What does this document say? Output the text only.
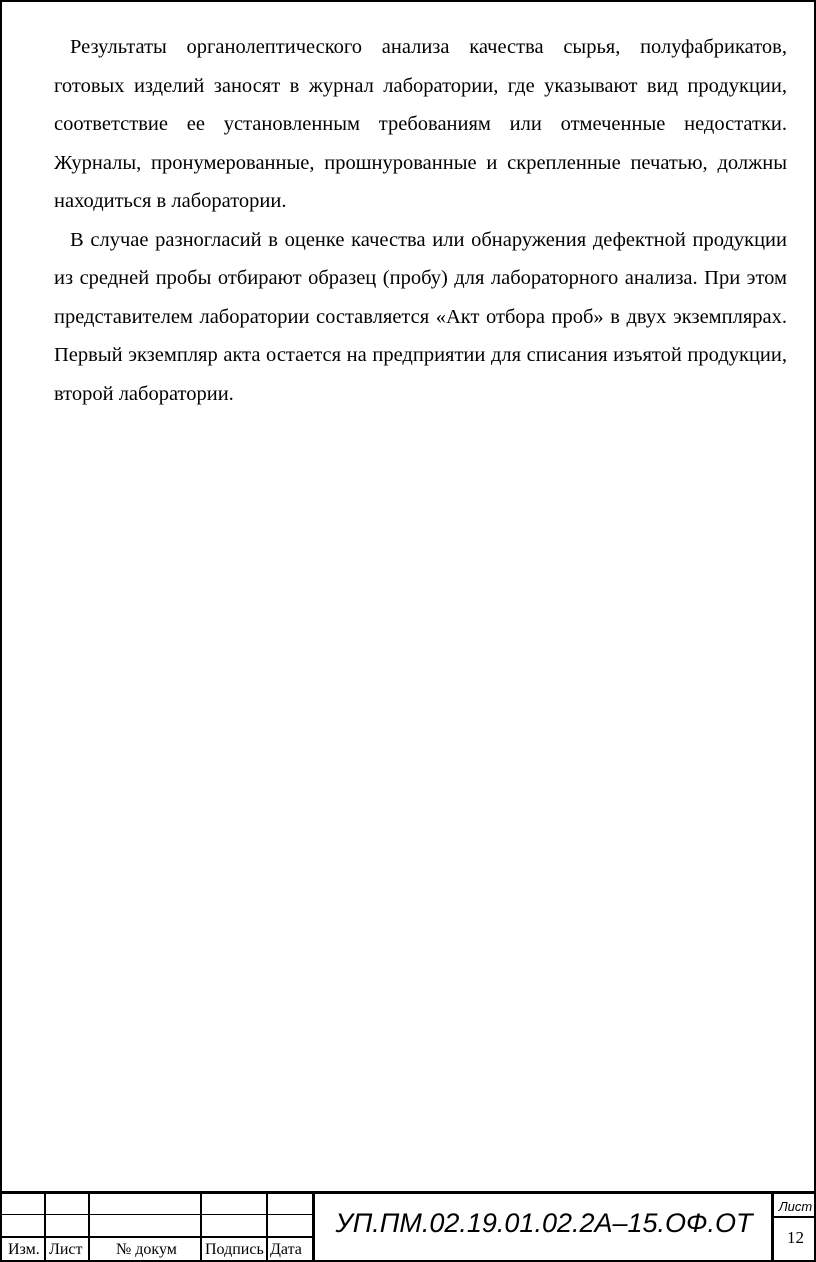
Результаты органолептического анализа качества сырья, полуфабрикатов, готовых изделий заносят в журнал лаборатории, где указывают вид продукции, соответствие ее установленным требованиям или отмеченные недостатки. Журналы, пронумерованные, прошнурованные и скрепленные печатью, должны находиться в лаборатории.

В случае разногласий в оценке качества или обнаружения дефектной продукции из средней пробы отбирают образец (пробу) для лабораторного анализа. При этом представителем лаборатории составляется «Акт отбора проб» в двух экземплярах. Первый экземпляр акта остается на предприятии для списания изъятой продукции, второй лаборатории.

Изм. Лист № докум Подпись Дата
УП.ПМ.02.19.01.02.2А–15.ОФ.ОТ
Лист
12
